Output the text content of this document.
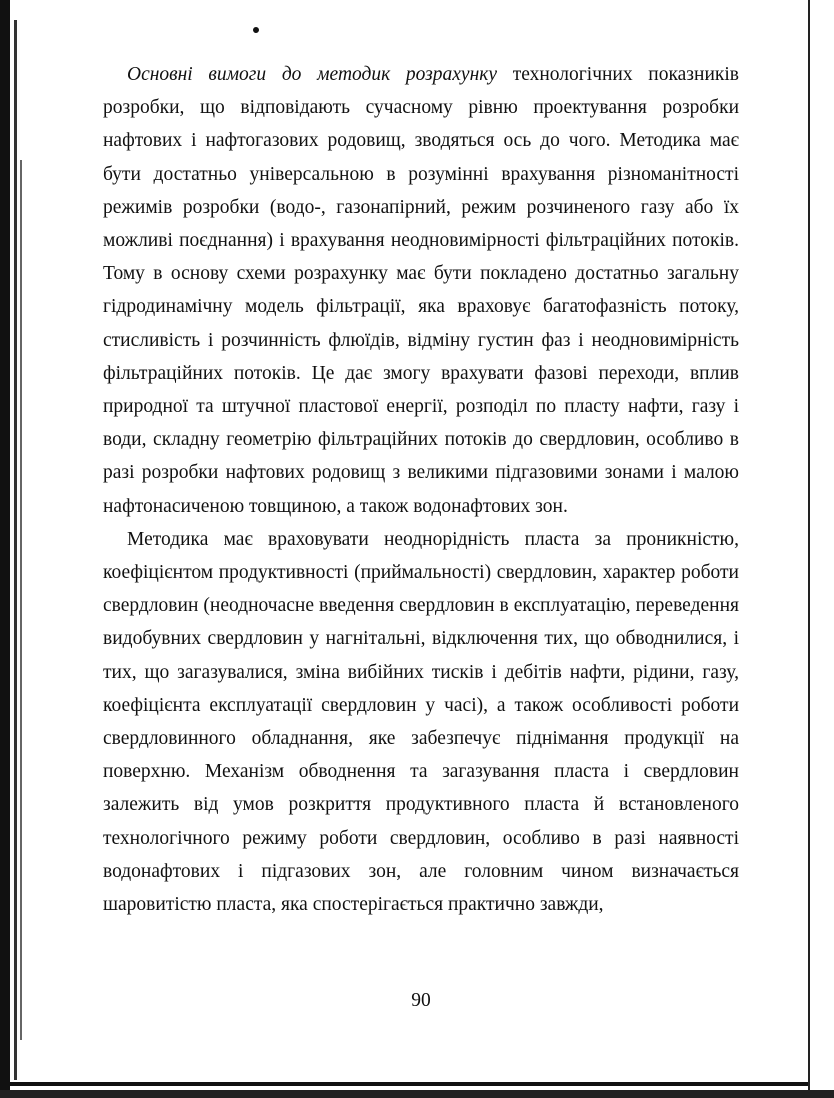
Основні вимоги до методик розрахунку технологічних показників розробки, що відповідають сучасному рівню проектування розробки нафтових і нафтогазових родовищ, зводяться ось до чого. Методика має бути достатньо універсальною в розумінні врахування різноманітності режимів розробки (водо-, газонапірний, режим розчиненого газу або їх можливі поєднання) і врахування неодновимірності фільтраційних потоків. Тому в основу схеми розрахунку має бути покладено достатньо загальну гідродинамічну модель фільтрації, яка враховує багатофазність потоку, стисливість і розчинність флюїдів, відміну густин фаз і неодновимірність фільтраційних потоків. Це дає змогу врахувати фазові переходи, вплив природної та штучної пластової енергії, розподіл по пласту нафти, газу і води, складну геометрію фільтраційних потоків до свердловин, особливо в разі розробки нафтових родовищ з великими підгазовими зонами і малою нафтонасиченою товщиною, а також водонафтових зон.

Методика має враховувати неоднорідність пласта за проникністю, коефіцієнтом продуктивності (приймальності) свердловин, характер роботи свердловин (неодночасне введення свердловин в експлуатацію, переведення видобувних свердловин у нагнітальні, відключення тих, що обводнилися, і тих, що загазувалися, зміна вибійних тисків і дебітів нафти, рідини, газу, коефіцієнта експлуатації свердловин у часі), а також особливості роботи свердловинного обладнання, яке забезпечує піднімання продукції на поверхню. Механізм обводнення та загазування пласта і свердловин залежить від умов розкриття продуктивного пласта й встановленого технологічного режиму роботи свердловин, особливо в разі наявності водонафтових і підгазових зон, але головним чином визначається шаровитістю пласта, яка спостерігається практично завжди,

90
